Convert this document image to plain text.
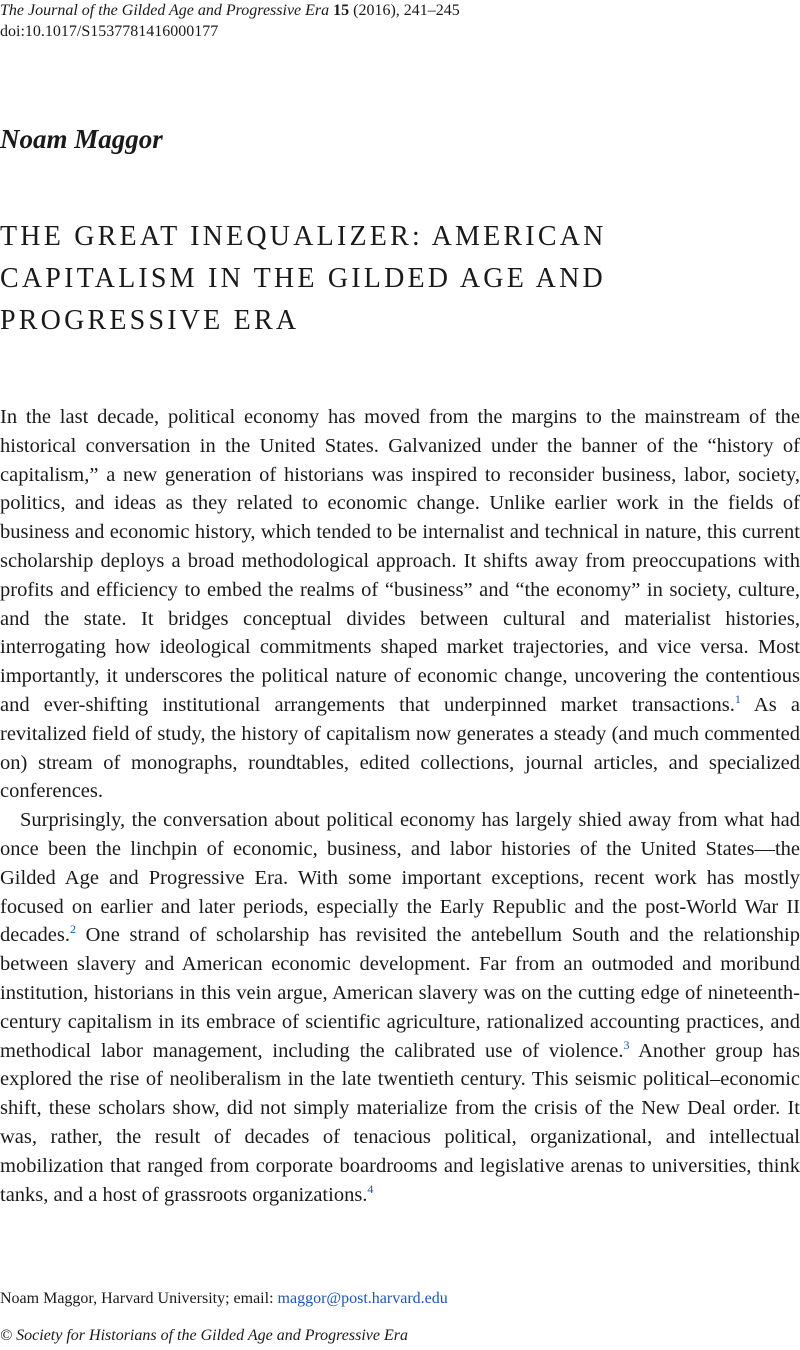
The Journal of the Gilded Age and Progressive Era 15 (2016), 241–245
doi:10.1017/S1537781416000177
Noam Maggor
THE GREAT INEQUALIZER: AMERICAN
CAPITALISM IN THE GILDED AGE AND
PROGRESSIVE ERA

In the last decade, political economy has moved from the margins to the mainstream of the historical conversation in the United States. Galvanized under the banner of the “history of capitalism,” a new generation of historians was inspired to reconsider business, labor, society, politics, and ideas as they related to economic change. Unlike earlier work in the fields of business and economic history, which tended to be internalist and technical in nature, this current scholarship deploys a broad methodological approach. It shifts away from preoccupations with profits and efficiency to embed the realms of “business” and “the economy” in society, culture, and the state. It bridges conceptual divides between cultural and materialist histories, interrogating how ideological commitments shaped market trajectories, and vice versa. Most importantly, it underscores the political nature of economic change, uncovering the contentious and ever-shifting institutional arrangements that underpinned market transactions.$^1$ As a revitalized field of study, the history of capitalism now generates a steady (and much commented on) stream of monographs, roundtables, edited collections, journal articles, and specialized conferences.

Surprisingly, the conversation about political economy has largely shied away from what had once been the linchpin of economic, business, and labor histories of the United States—the Gilded Age and Progressive Era. With some important exceptions, recent work has mostly focused on earlier and later periods, especially the Early Republic and the post-World War II decades.$^2$ One strand of scholarship has revisited the antebellum South and the relationship between slavery and American economic development. Far from an outmoded and moribund institution, historians in this vein argue, American slavery was on the cutting edge of nineteenth-century capitalism in its embrace of scientific agriculture, rationalized accounting practices, and methodical labor management, including the calibrated use of violence.$^3$ Another group has explored the rise of neoliberalism in the late twentieth century. This seismic political–economic shift, these scholars show, did not simply materialize from the crisis of the New Deal order. It was, rather, the result of decades of tenacious political, organizational, and intellectual mobilization that ranged from corporate boardrooms and legislative arenas to universities, think tanks, and a host of grassroots organizations.$^4$

Noam Maggor, Harvard University; email: maggor@post.harvard.edu
© Society for Historians of the Gilded Age and Progressive Era
